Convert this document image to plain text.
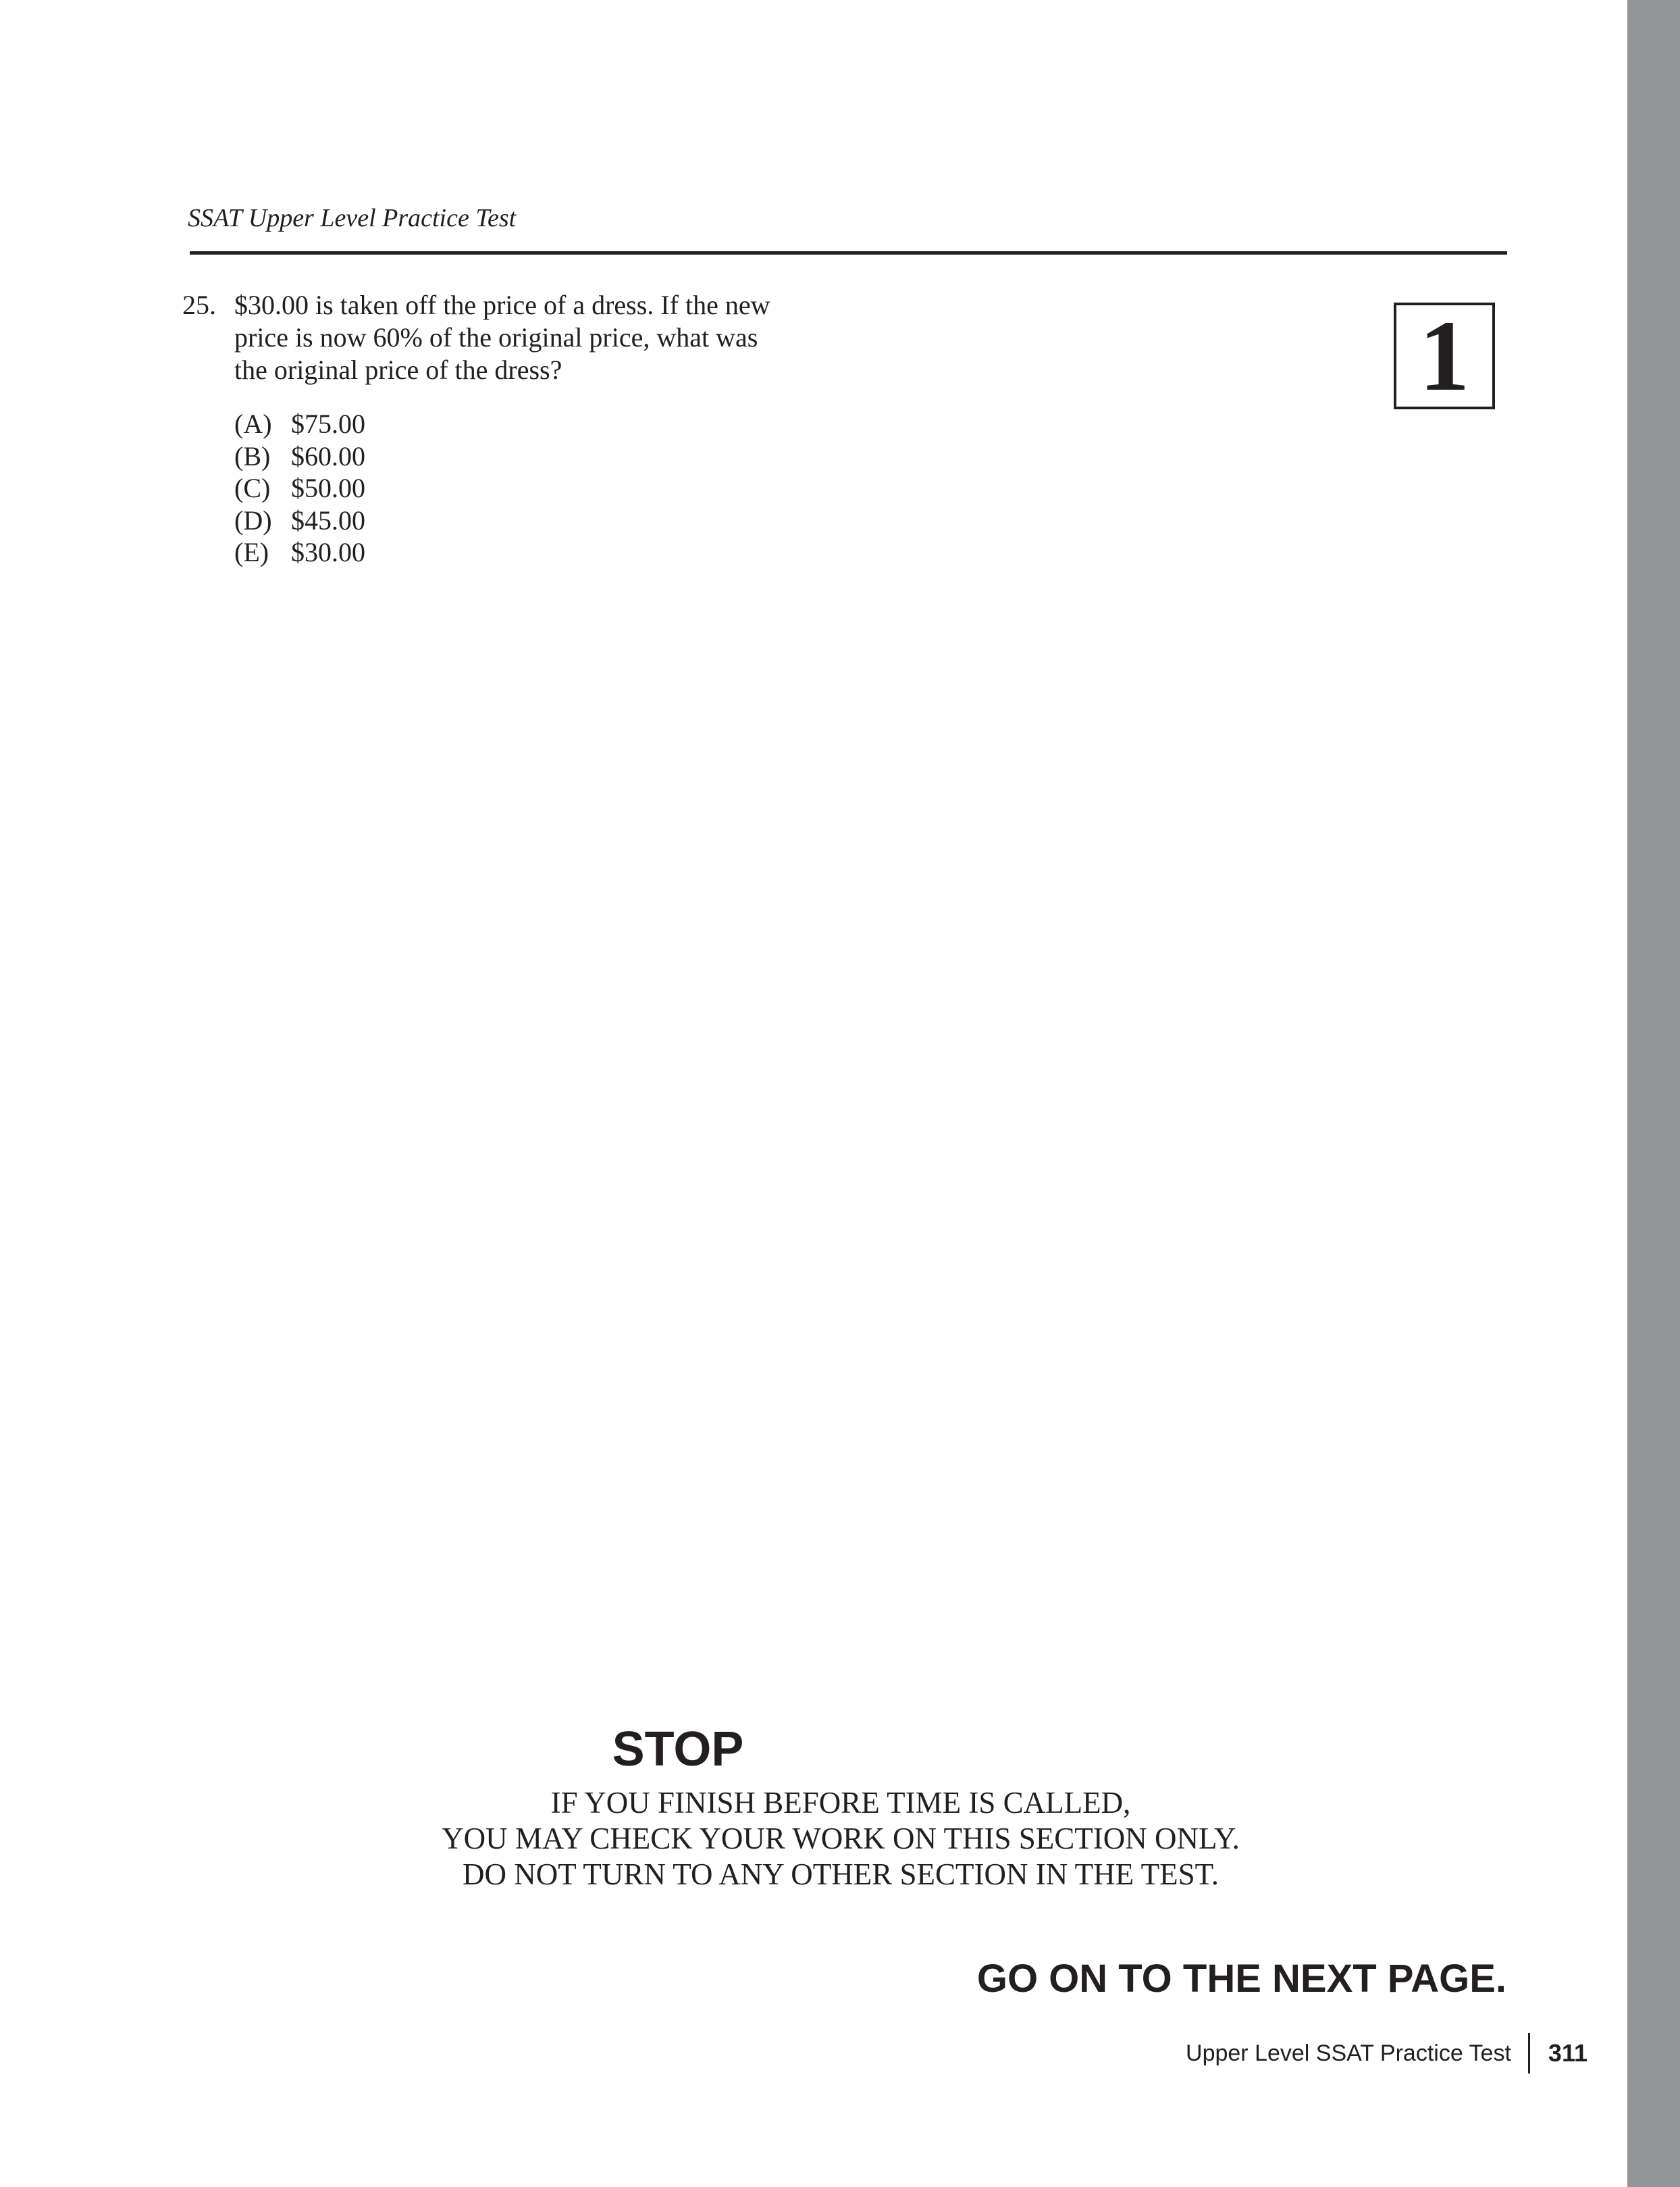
SSAT Upper Level Practice Test
1
25. $30.00 is taken off the price of a dress. If the new
price is now 60% of the original price, what was
the original price of the dress?
(A) $75.00
(B) $60.00
(C) $50.00
(D) $45.00
(E) $30.00
STOP
IF YOU FINISH BEFORE TIME IS CALLED,
YOU MAY CHECK YOUR WORK ON THIS SECTION ONLY.
DO NOT TURN TO ANY OTHER SECTION IN THE TEST.
GO ON TO THE NEXT PAGE.
Upper Level SSAT Practice Test 311
